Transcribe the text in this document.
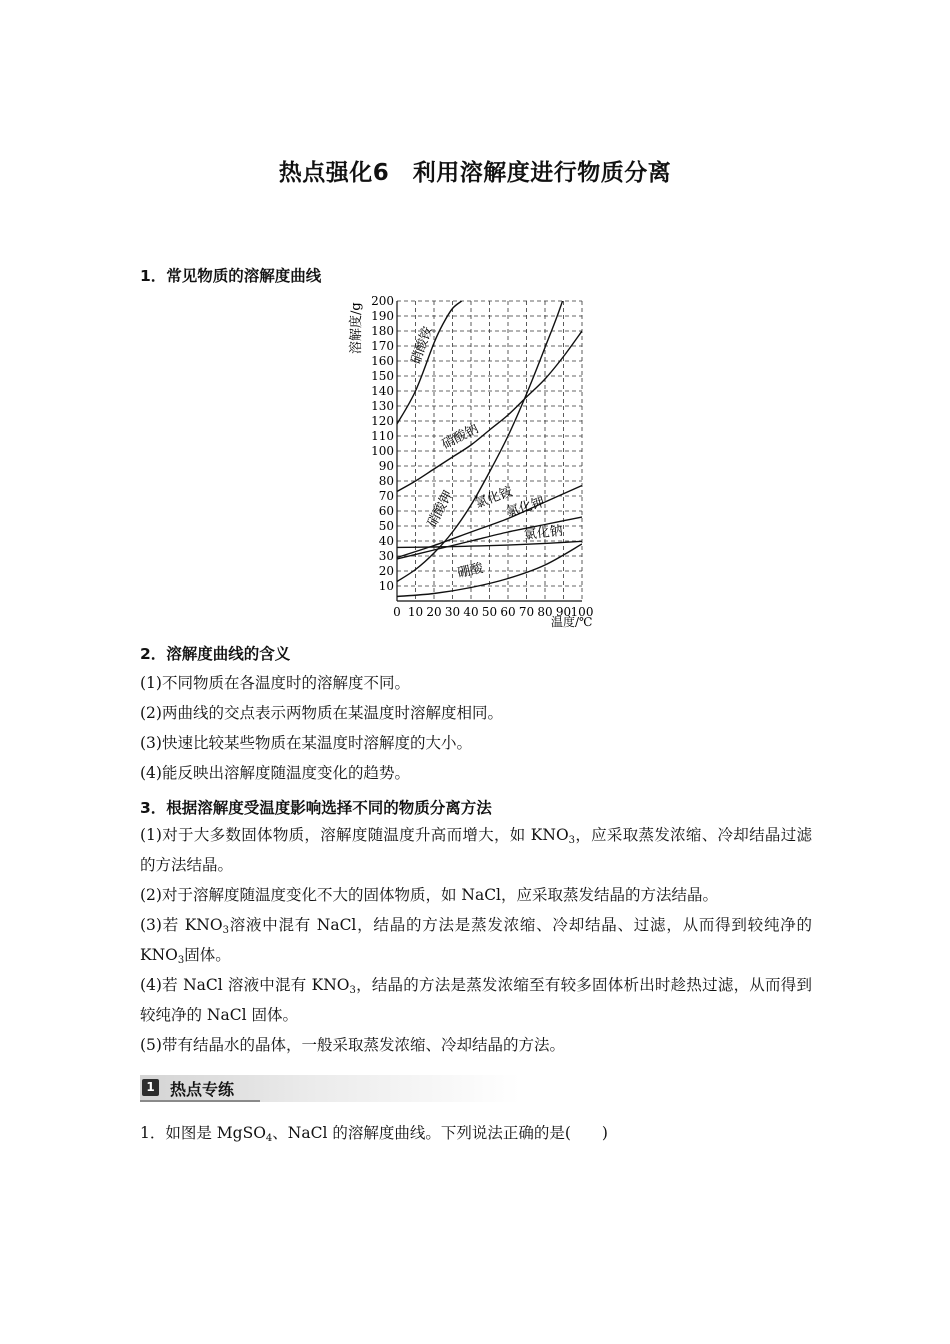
热点强化6　利用溶解度进行物质分离

1．常见物质的溶解度曲线

0 10 20 30 40 50 60 70 80 90 100
10
20
30
40
50
60
70
80
90
100
110
120
130
140
150
160
170
180
190
200
硝酸铵
硝酸钠
硝酸钾 氯化铵
氯化钾
氯化钠
硼酸
溶解度/g
温度/℃

2．溶解度曲线的含义

(1)不同物质在各温度时的溶解度不同。

(2)两曲线的交点表示两物质在某温度时溶解度相同。

(3)快速比较某些物质在某温度时溶解度的大小。

(4)能反映出溶解度随温度变化的趋势。

3．根据溶解度受温度影响选择不同的物质分离方法

(1)对于大多数固体物质，溶解度随温度升高而增大，如 $KNO_3$，应采取蒸发浓缩、冷却结晶过滤的方法结晶。

(2)对于溶解度随温度变化不大的固体物质，如 NaCl，应采取蒸发结晶的方法结晶。

(3)若 $KNO_3$溶液中混有 NaCl，结晶的方法是蒸发浓缩、冷却结晶、过滤，从而得到较纯净的 $KNO_3$固体。

(4)若 NaCl 溶液中混有 $KNO_3$，结晶的方法是蒸发浓缩至有较多固体析出时趁热过滤，从而得到较纯净的 NaCl 固体。

(5)带有结晶水的晶体，一般采取蒸发浓缩、冷却结晶的方法。

1 热点专练

1．如图是 MgSO$_4$、NaCl 的溶解度曲线。下列说法正确的是(　　)
